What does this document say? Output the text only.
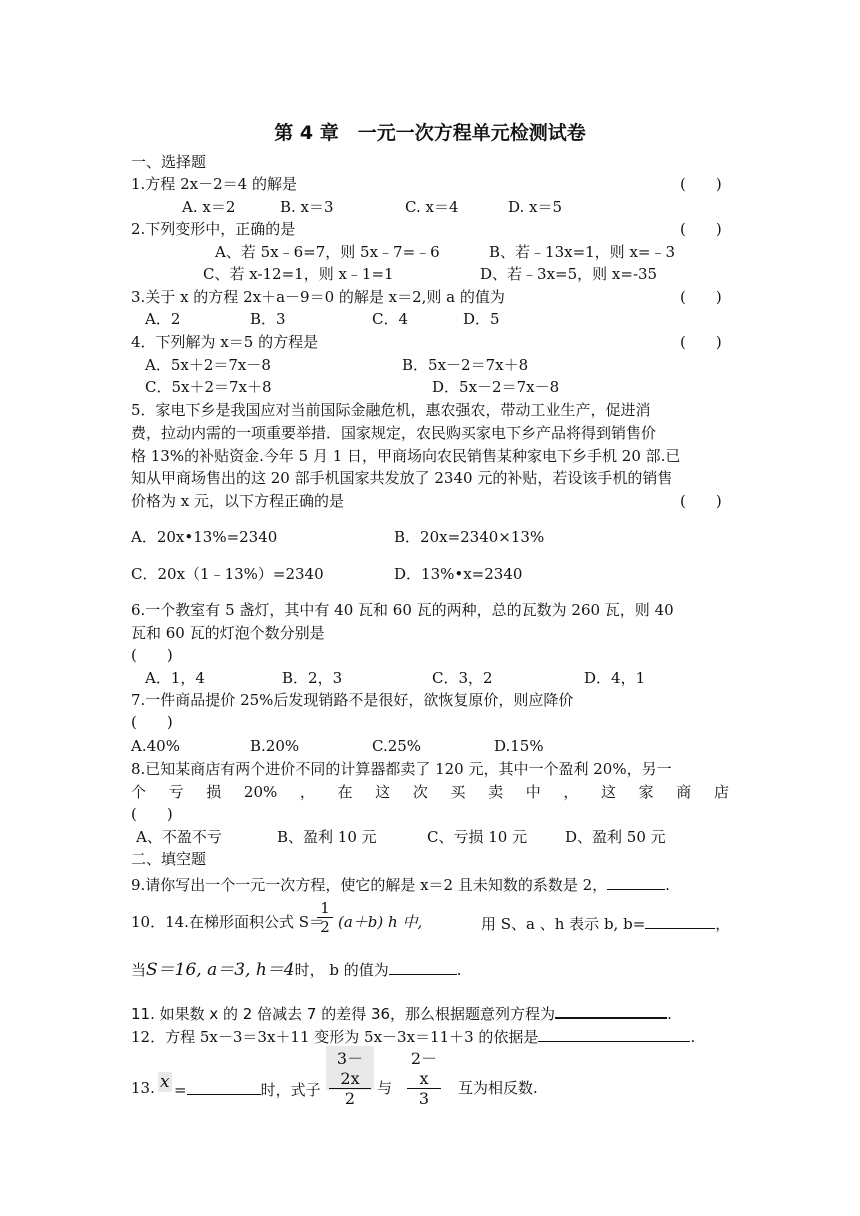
第 4 章　一元一次方程单元检测试卷
一、选择题
1.方程 2x－2＝4 的解是	(　　)
A. x＝2	B. x＝3	C. x＝4	D. x＝5
2.下列变形中，正确的是	(　　)
A、若 5x﹣6=7，则 5x﹣7=﹣6	B、若﹣13x=1，则 x=﹣3
C、若 x-12=1，则 x﹣1=1	D、若﹣3x=5，则 x=-35
3.关于 x 的方程 2x＋a－9＝0 的解是 x＝2,则 a 的值为	(　　)
A．2	B．3	C．4	D．5
4．下列解为 x＝5 的方程是	(　　)
A．5x＋2＝7x－8	B．5x－2＝7x＋8
C．5x＋2＝7x＋8	D．5x－2＝7x－8
5．家电下乡是我国应对当前国际金融危机，惠农强农，带动工业生产，促进消
费，拉动内需的一项重要举措．国家规定，农民购买家电下乡产品将得到销售价
格 13%的补贴资金.今年 5 月 1 日，甲商场向农民销售某种家电下乡手机 20 部.已
知从甲商场售出的这 20 部手机国家共发放了 2340 元的补贴，若设该手机的销售
价格为 x 元，以下方程正确的是	(　　)
A．20x•13%=2340	B．20x=2340×13%
C．20x（1﹣13%）=2340	D．13%•x=2340
6.一个教室有 5 盏灯，其中有 40 瓦和 60 瓦的两种，总的瓦数为 260 瓦，则 40
瓦和 60 瓦的灯泡个数分别是
(　　)
A．1，4	B．2，3	C．3，2	D．4，1
7.一件商品提价 25%后发现销路不是很好，欲恢复原价，则应降价
(　　)
A.40%	B.20%	C.25%	D.15%
8.已知某商店有两个进价不同的计算器都卖了 120 元，其中一个盈利 20%，另一
个 亏 损 20% ， 在 这 次 买 卖 中 ， 这 家 商 店
(　　)
A、不盈不亏	B、盈利 10 元	C、亏损 10 元	D、盈利 50 元
二、填空题
9.请你写出一个一元一次方程，使它的解是 x＝2 且未知数的系数是 2，	.
10．14.在梯形面积公式 S＝
$\frac{1}{2} (a+b)$ h 中,	用 S、a 、h 表示 b, b=	，
当S＝16, a＝3, h＝4时， b 的值为	.
11. 如果数 x 的 2 倍减去 7 的差得 36，那么根据题意列方程为	.
12．方程 5x－3＝3x＋11 变形为 5x－3x＝11＋3 的依据是	.
13. x =	时，式子 $\frac{3-2x}{2}$ 与 $\frac{2-x}{3}$ 互为相反数.
